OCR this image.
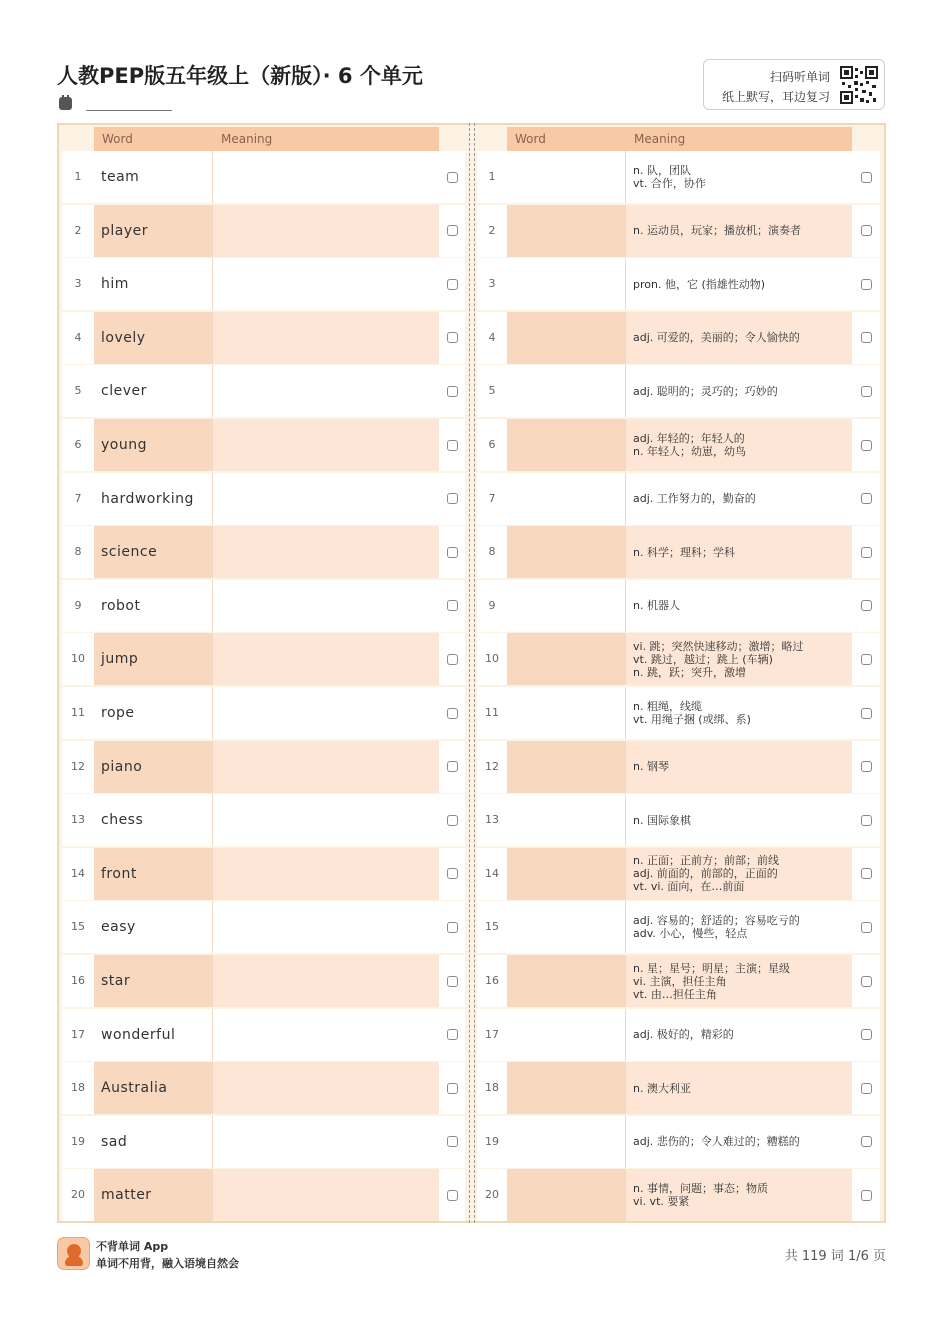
人教PEP版五年级上（新版）· 6 个单元	扫码听单词
纸上默写，耳边复习
Word	Meaning
1	team
2	player
3	him
4	lovely
5	clever
6	young
7	hardworking
8	science
9	robot
10	jump
11	rope
12	piano
13	chess
14	front
15	easy
16	star
17	wonderful
18	Australia
19	sad
20	matter
Word	Meaning
1	n. 队，团队
vt. 合作，协作
2	n. 运动员，玩家；播放机；演奏者
3	pron. 他，它 (指雄性动物)
4	adj. 可爱的，美丽的；令人愉快的
5	adj. 聪明的；灵巧的；巧妙的
6	adj. 年轻的；年轻人的
n. 年轻人；幼崽，幼鸟
7	adj. 工作努力的，勤奋的
8	n. 科学；理科；学科
9	n. 机器人
10
vi. 跳；突然快速移动；激增；略过
vt. 跳过，越过；跳上 (车辆)
n. 跳，跃；突升，激增
11	n. 粗绳，线缆
vt. 用绳子捆 (或绑、系)
12	n. 钢琴
13	n. 国际象棋
14
n. 正面；正前方；前部；前线
adj. 前面的，前部的，正面的
vt. vi. 面向，在…前面
15	adj. 容易的；舒适的；容易吃亏的
adv. 小心，慢些，轻点
16
n. 星；星号；明星；主演；星级
vi. 主演，担任主角
vt. 由…担任主角
17	adj. 极好的，精彩的
18	n. 澳大利亚
19	adj. 悲伤的；令人难过的；糟糕的
20	n. 事情，问题；事态；物质
vi. vt. 要紧
不背单词 App
单词不用背，融入语境自然会	共 119 词 1/6 页
